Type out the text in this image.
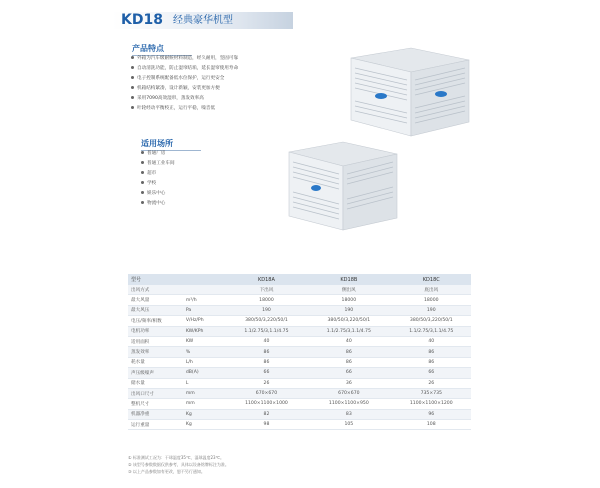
KD18 经典豪华机型
产品特点
外箱为汽车级耐候材料制造，经久耐用，坚固可靠
自动清洗功能，防止湿帘结垢，延长湿帘使用寿命
电子控制系统配备低水位保护，运行更安全
机箱结构紧凑，设计新颖，安装更加方便
采用7090高效湿帘，蒸发效率高
叶轮经动平衡校正，运行平稳，噪音低
适用场所
普通厂房
普通工业车间
超市
学校
娱乐中心
物流中心
型号		KD18A	KD18B	KD18C
出风方式		下出风	侧出风	底出风
最大风量	m³/h	18000	18000	18000
最大风压	Pa	190	190	190
电压/频率/相数	V/Hz/Ph	380/50/3,220/50/1	380/50/3,220/50/1	380/50/3,220/50/1
电机功率	KW/KPh	1.1/2.75/3,1.1/4.75	1.1/2.75/3,1.1/4.75	1.1/2.75/3,1.1/4.75
适用面积	KW	40	40	40
蒸发效率	%	86	86	86
耗水量	L/h	86	86	86
声压级噪声	dB(A)	66	66	66
储水量	L	26	36	26
出风口尺寸	mm	670×670	670×670	735×735
整机尺寸	mm	1100×1100×1000	1100×1100×950	1100×1100×1200
机器净重	Kg	82	83	96
运行重量	Kg	98	105	108
① 标准测试工况为：干球温度35℃，湿球温度23℃。
② 该型号参数数据仅供参考，具体以设备铭牌标注为准。
③ 以上产品参数如有更改，恕不另行通知。
